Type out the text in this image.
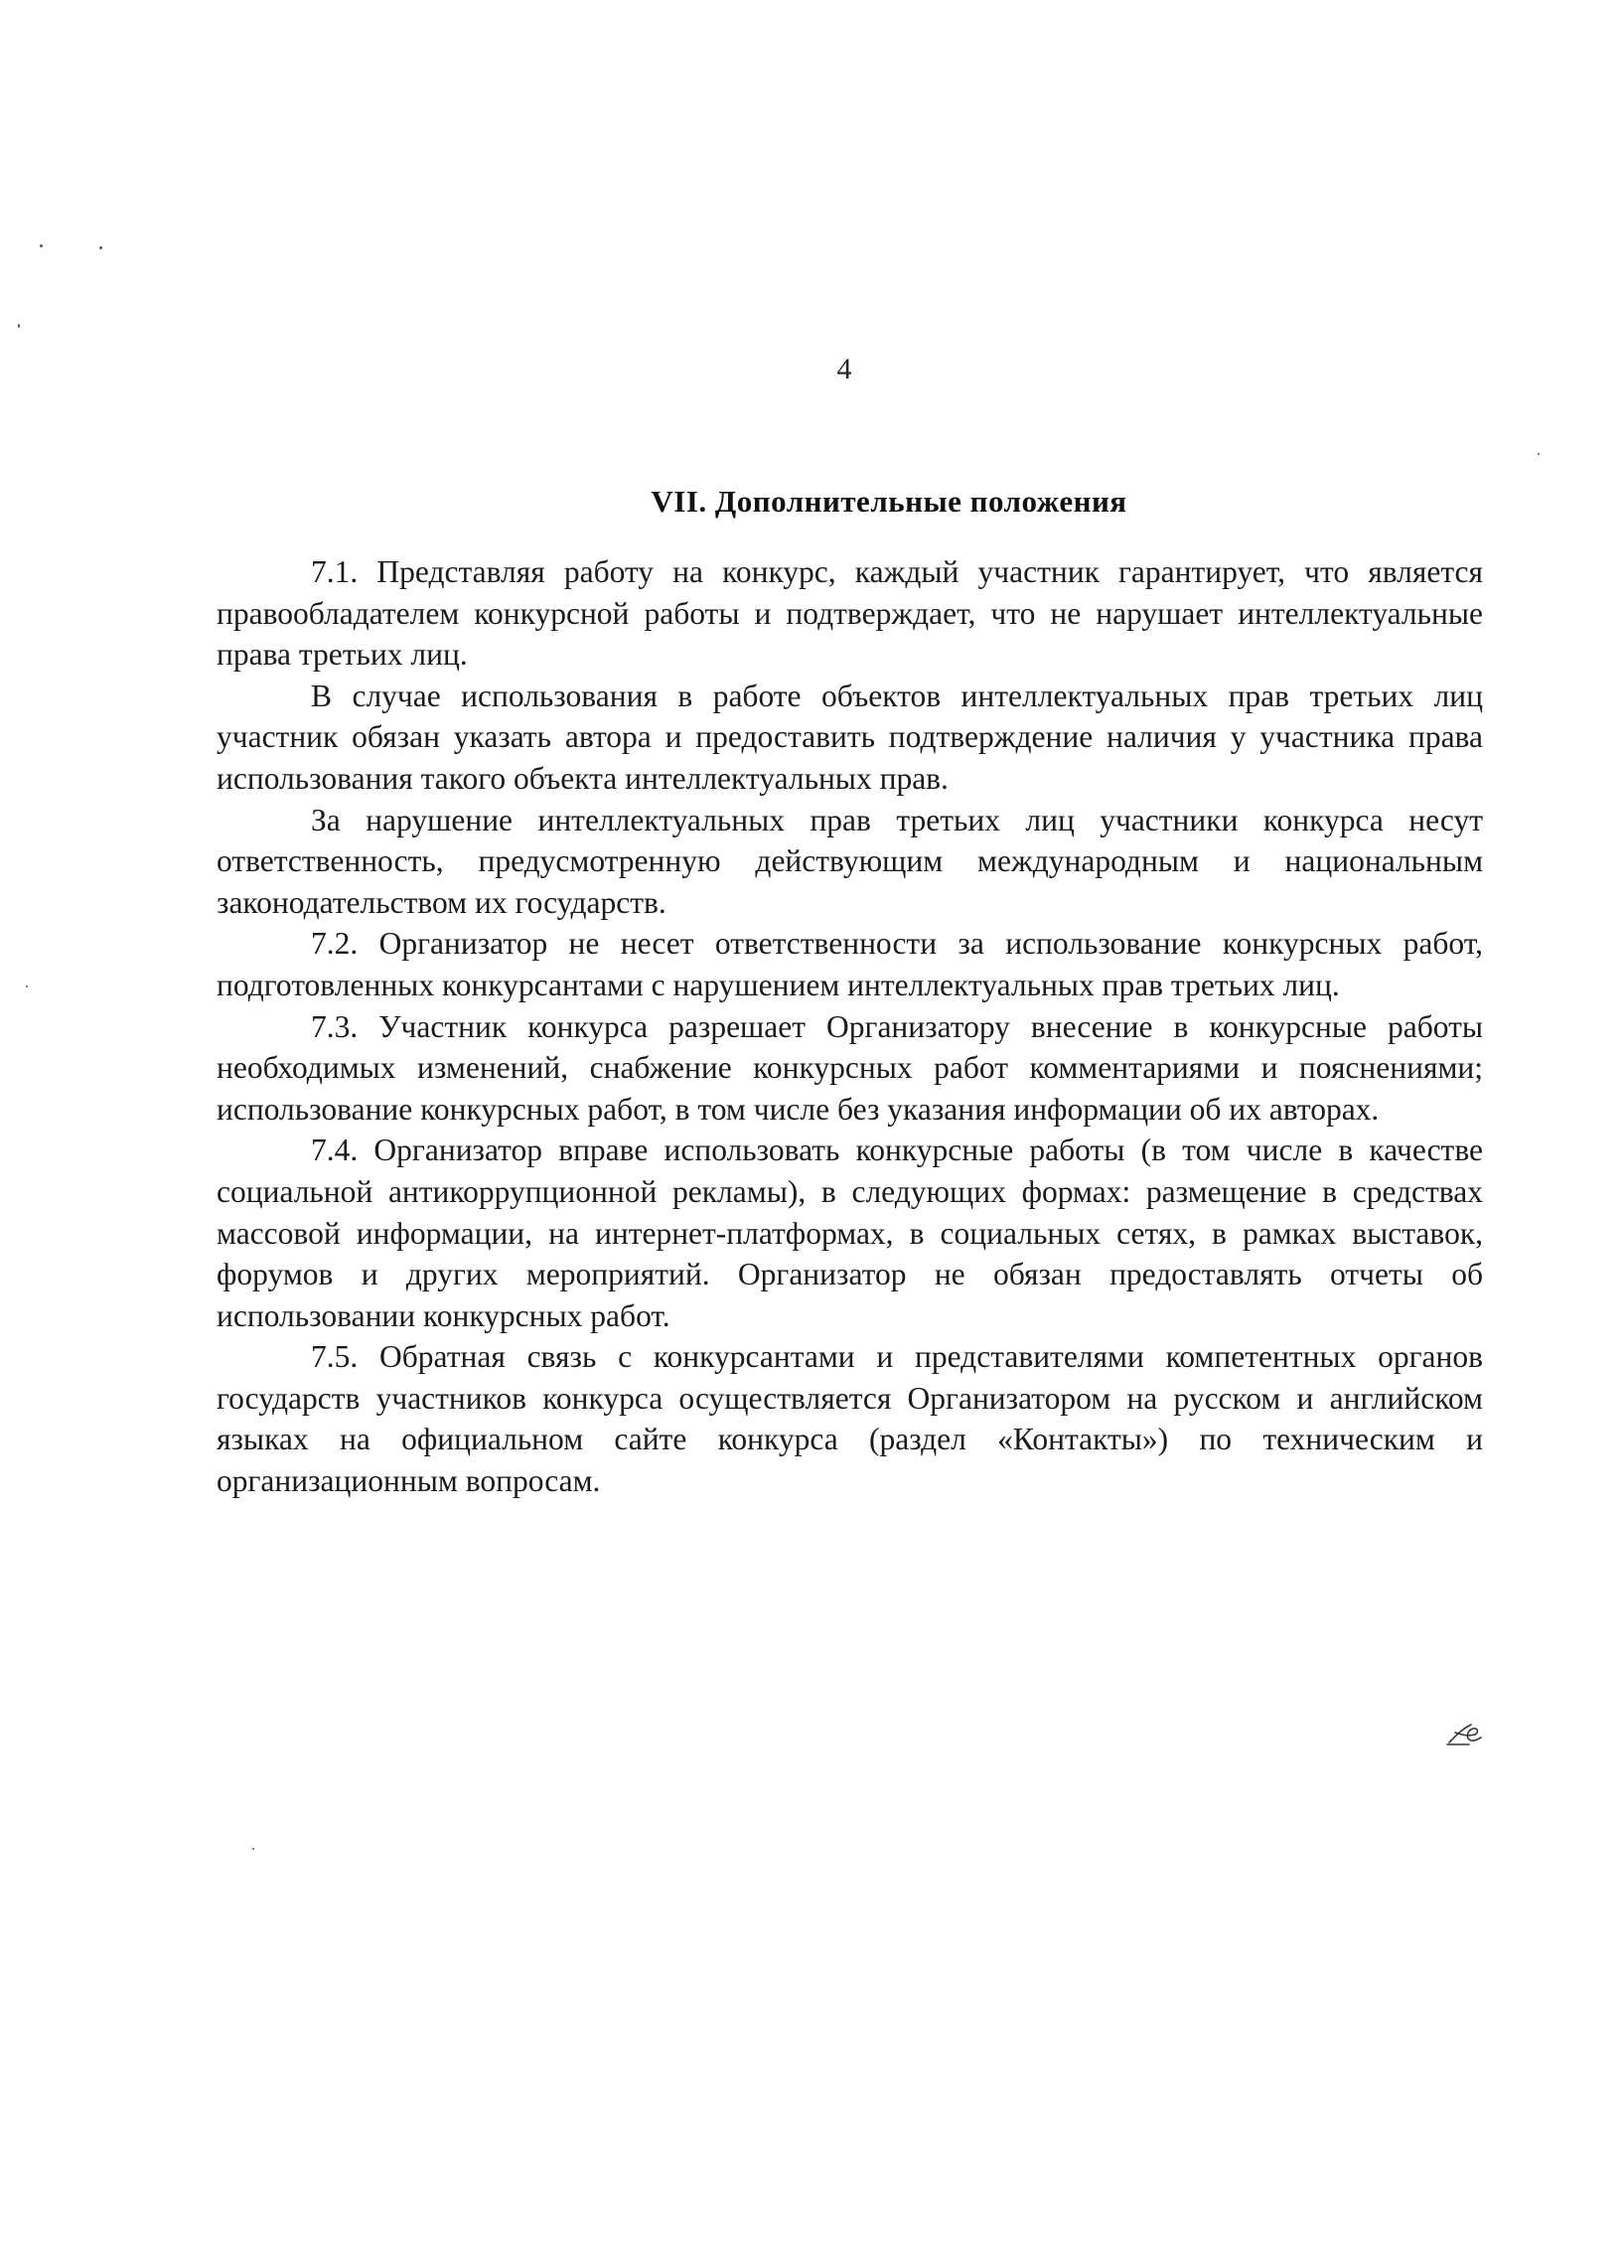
4
VII. Дополнительные положения

7.1. Представляя работу на конкурс, каждый участник гарантирует, что является правообладателем конкурсной работы и подтверждает, что не нарушает интеллектуальные права третьих лиц.

В случае использования в работе объектов интеллектуальных прав третьих лиц участник обязан указать автора и предоставить подтверждение наличия у участника права использования такого объекта интеллектуальных прав.

За нарушение интеллектуальных прав третьих лиц участники конкурса несут ответственность, предусмотренную действующим международным и национальным законодательством их государств.

7.2. Организатор не несет ответственности за использование конкурсных работ, подготовленных конкурсантами с нарушением интеллектуальных прав третьих лиц.

7.3. Участник конкурса разрешает Организатору внесение в конкурсные работы необходимых изменений, снабжение конкурсных работ комментариями и пояснениями; использование конкурсных работ, в том числе без указания информации об их авторах.

7.4. Организатор вправе использовать конкурсные работы (в том числе в качестве социальной антикоррупционной рекламы), в следующих формах: размещение в средствах массовой информации, на интернет-платформах, в социальных сетях, в рамках выставок, форумов и других мероприятий. Организатор не обязан предоставлять отчеты об использовании конкурсных работ.

7.5. Обратная связь с конкурсантами и представителями компетентных органов государств участников конкурса осуществляется Организатором на русском и английском языках на официальном сайте конкурса (раздел «Контакты») по техническим и организационным вопросам.
